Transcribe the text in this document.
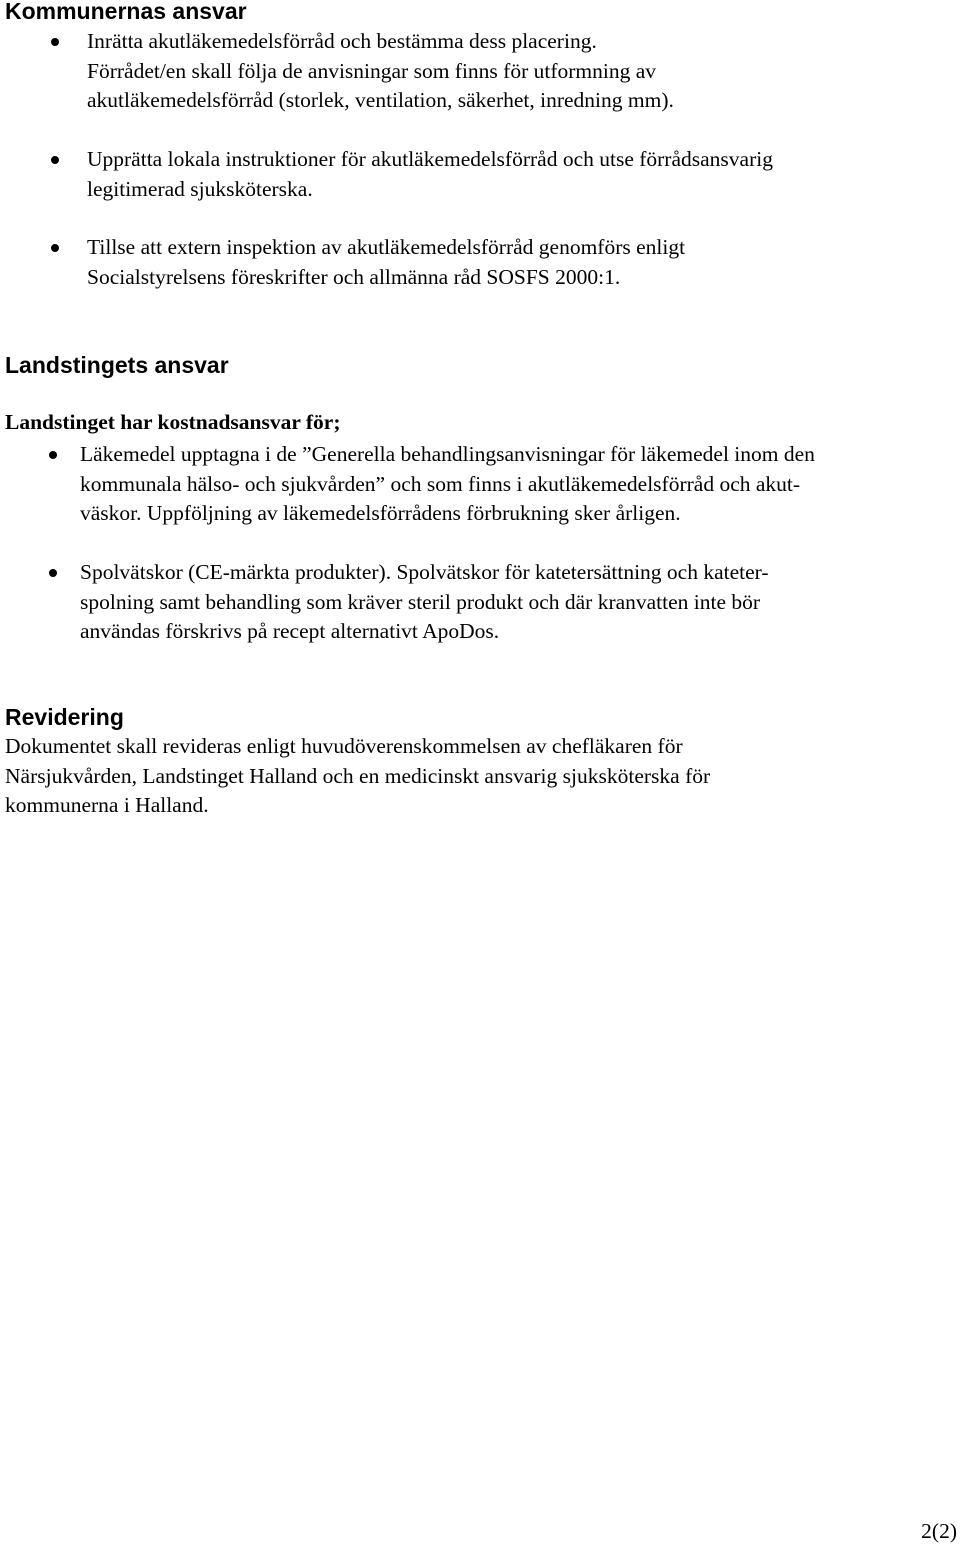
Kommunernas ansvar
Inrätta akutläkemedelsförråd och bestämma dess placering.
Förrådet/en skall följa de anvisningar som finns för utformning av
akutläkemedelsförråd (storlek, ventilation, säkerhet, inredning mm).
Upprätta lokala instruktioner för akutläkemedelsförråd och utse förrådsansvarig
legitimerad sjuksköterska.
Tillse att extern inspektion av akutläkemedelsförråd genomförs enligt
Socialstyrelsens föreskrifter och allmänna råd SOSFS 2000:1.
Landstingets ansvar
Landstinget har kostnadsansvar för;
Läkemedel upptagna i de ”Generella behandlingsanvisningar för läkemedel inom den
kommunala hälso- och sjukvården” och som finns i akutläkemedelsförråd och akut-
väskor. Uppföljning av läkemedelsförrådens förbrukning sker årligen.
Spolvätskor (CE-märkta produkter). Spolvätskor för katetersättning och kateter-
spolning samt behandling som kräver steril produkt och där kranvatten inte bör
användas förskrivs på recept alternativt ApoDos.
Revidering
Dokumentet skall revideras enligt huvudöverenskommelsen av chefläkaren för
Närsjukvården, Landstinget Halland och en medicinskt ansvarig sjuksköterska för
kommunerna i Halland.
2(2)
